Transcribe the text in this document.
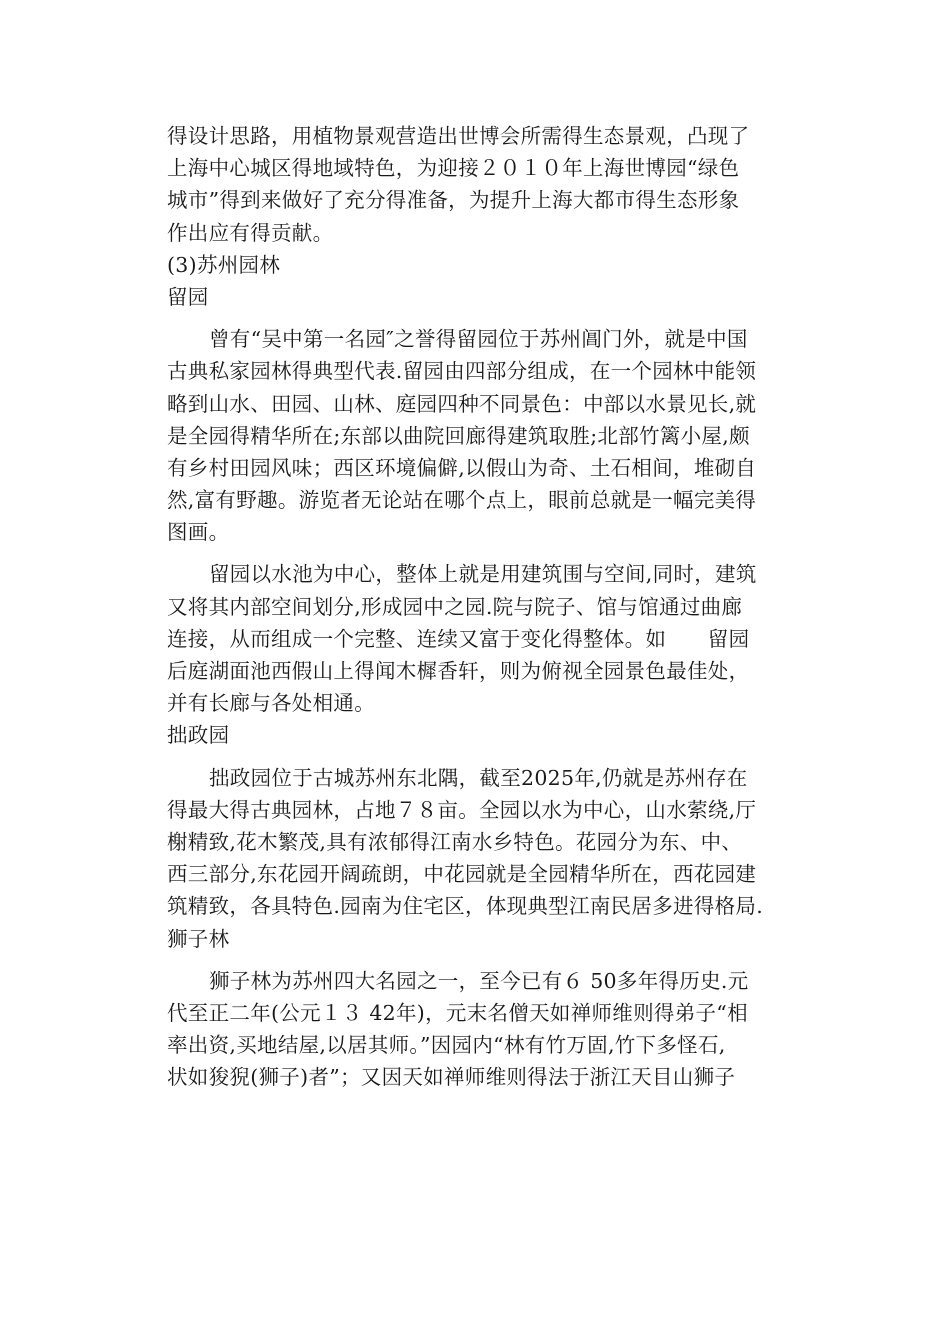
得设计思路，用植物景观营造出世博会所需得生态景观，凸现了
上海中心城区得地域特色，为迎接２０１０年上海世博园“绿色
城市”得到来做好了充分得准备，为提升上海大都市得生态形象
作出应有得贡献。
(3)苏州园林
留园
曾有“吴中第一名园″之誉得留园位于苏州阊门外，就是中国
古典私家园林得典型代表.留园由四部分组成，在一个园林中能领
略到山水、田园、山林、庭园四种不同景色：中部以水景见长,就
是全园得精华所在;东部以曲院回廊得建筑取胜;北部竹篱小屋,颇
有乡村田园风味；西区环境偏僻,以假山为奇、土石相间，堆砌自
然,富有野趣。游览者无论站在哪个点上，眼前总就是一幅完美得
图画。
留园以水池为中心，整体上就是用建筑围与空间,同时，建筑
又将其内部空间划分,形成园中之园.院与院子、馆与馆通过曲廊
连接，从而组成一个完整、连续又富于变化得整体。如　　留园
后庭湖面池西假山上得闻木樨香轩，则为俯视全园景色最佳处，
并有长廊与各处相通。
拙政园
拙政园位于古城苏州东北隅，截至2025年,仍就是苏州存在
得最大得古典园林，占地７８亩。全园以水为中心，山水萦绕,厅
榭精致,花木繁茂,具有浓郁得江南水乡特色。花园分为东、中、
西三部分,东花园开阔疏朗，中花园就是全园精华所在，西花园建
筑精致，各具特色.园南为住宅区，体现典型江南民居多进得格局.
狮子林
狮子林为苏州四大名园之一，至今已有６ 50多年得历史.元
代至正二年(公元１３ 42年)，元末名僧天如禅师维则得弟子“相
率出资,买地结屋,以居其师。”因园内“林有竹万固,竹下多怪石,
状如狻猊(狮子)者”；又因天如禅师维则得法于浙江天目山狮子
